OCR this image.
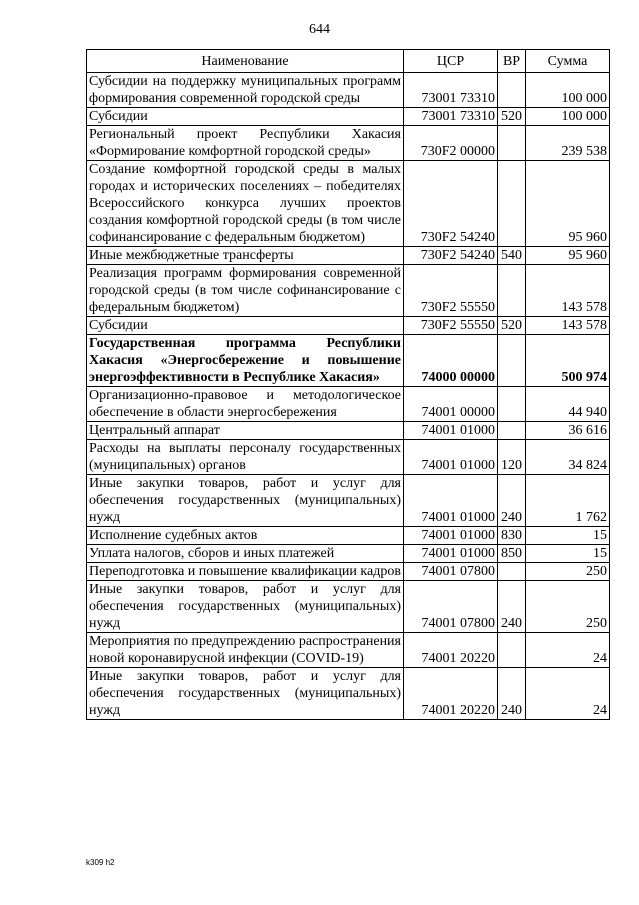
644
Наименование	ЦСР	ВР	Сумма
Субсидии на поддержку муниципальных программ формирования современной городской среды	73001 73310		100 000
Субсидии	73001 73310	520	100 000
Региональный проект Республики Хакасия «Формирование комфортной городской среды»	730F2 00000		239 538
Создание комфортной городской среды в малых городах и исторических поселениях – победителях Всероссийского конкурса лучших проектов создания комфортной городской среды (в том числе софинансирование с федеральным бюджетом)	730F2 54240		95 960
Иные межбюджетные трансферты	730F2 54240	540	95 960
Реализация программ формирования современной городской среды (в том числе софинансирование с федеральным бюджетом)	730F2 55550		143 578
Субсидии	730F2 55550	520	143 578
Государственная программа Республики Хакасия «Энергосбережение и повышение энергоэффективности в Республике Хакасия»	74000 00000		500 974
Организационно-правовое и методологическое обеспечение в области энергосбережения	74001 00000		44 940
Центральный аппарат	74001 01000		36 616
Расходы на выплаты персоналу государственных (муниципальных) органов	74001 01000	120	34 824
Иные закупки товаров, работ и услуг для обеспечения государственных (муниципальных) нужд	74001 01000	240	1 762
Исполнение судебных актов	74001 01000	830	15
Уплата налогов, сборов и иных платежей	74001 01000	850	15
Переподготовка и повышение квалификации кадров	74001 07800		250
Иные закупки товаров, работ и услуг для обеспечения государственных (муниципальных) нужд	74001 07800	240	250
Мероприятия по предупреждению распространения новой коронавирусной инфекции (COVID-19)	74001 20220		24
Иные закупки товаров, работ и услуг для обеспечения государственных (муниципальных) нужд	74001 20220	240	24
k309 h2
